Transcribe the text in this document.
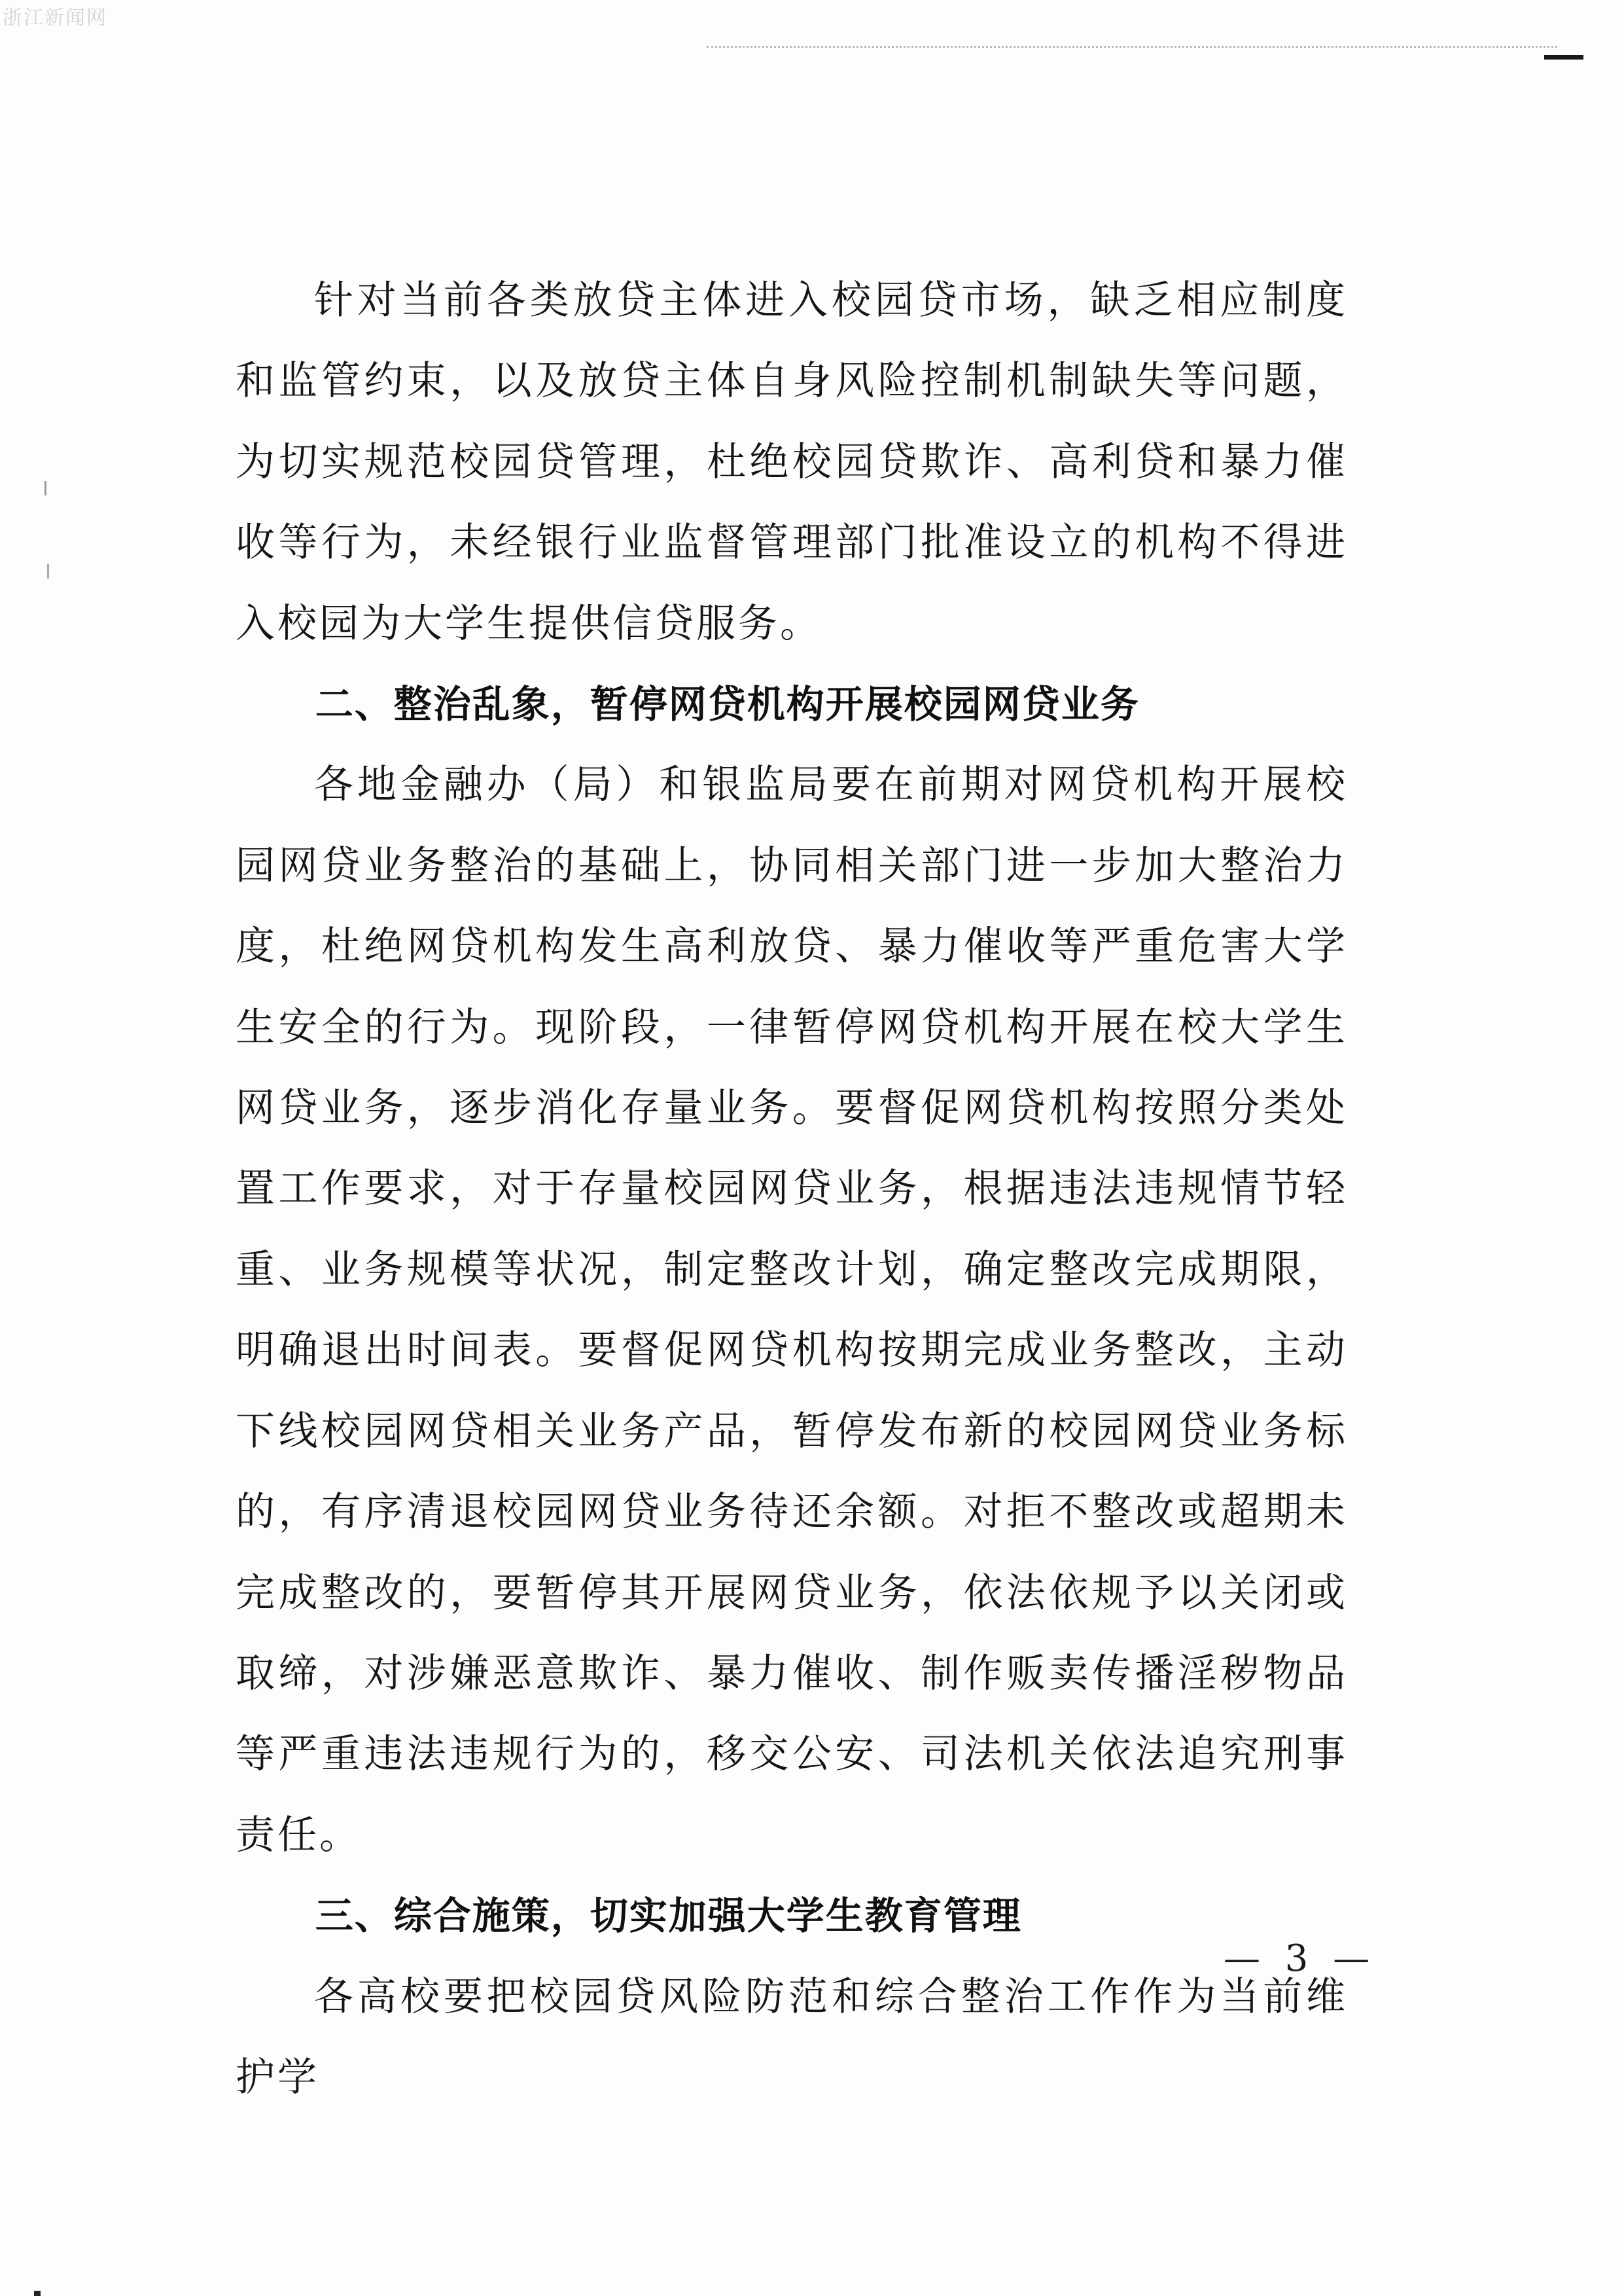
浙江新闻网

针对当前各类放贷主体进入校园贷市场，缺乏相应制度和监管约束，以及放贷主体自身风险控制机制缺失等问题，为切实规范校园贷管理，杜绝校园贷欺诈、高利贷和暴力催收等行为，未经银行业监督管理部门批准设立的机构不得进入校园为大学生提供信贷服务。

二、整治乱象，暂停网贷机构开展校园网贷业务

各地金融办（局）和银监局要在前期对网贷机构开展校园网贷业务整治的基础上，协同相关部门进一步加大整治力度，杜绝网贷机构发生高利放贷、暴力催收等严重危害大学生安全的行为。现阶段，一律暂停网贷机构开展在校大学生网贷业务，逐步消化存量业务。要督促网贷机构按照分类处置工作要求，对于存量校园网贷业务，根据违法违规情节轻重、业务规模等状况，制定整改计划，确定整改完成期限，明确退出时间表。要督促网贷机构按期完成业务整改，主动下线校园网贷相关业务产品，暂停发布新的校园网贷业务标的，有序清退校园网贷业务待还余额。对拒不整改或超期未完成整改的，要暂停其开展网贷业务，依法依规予以关闭或取缔，对涉嫌恶意欺诈、暴力催收、制作贩卖传播淫秽物品等严重违法违规行为的，移交公安、司法机关依法追究刑事责任。

三、综合施策，切实加强大学生教育管理

各高校要把校园贷风险防范和综合整治工作作为当前维护学

— 3 —
